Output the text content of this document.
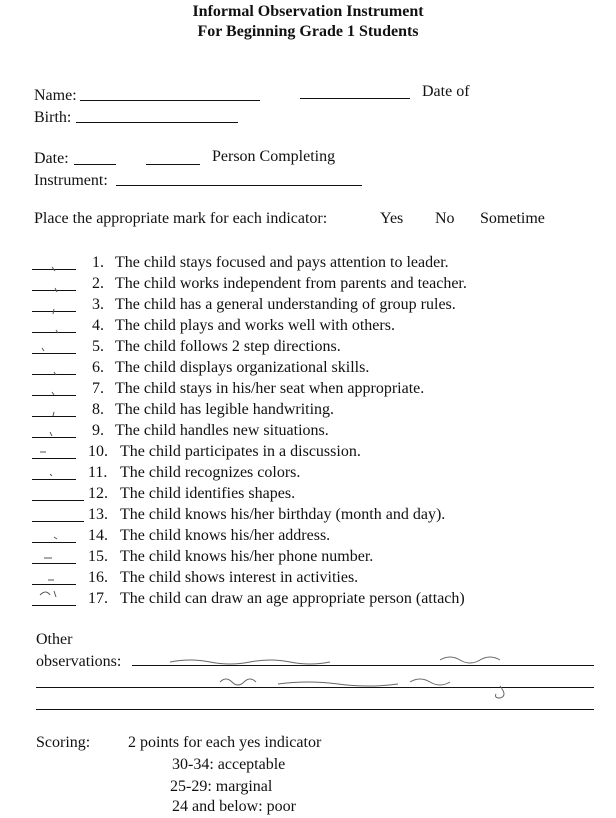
Informal Observation Instrument
For Beginning Grade 1 Students
Name:	Date of
Birth:
Date:	Person Completing
Instrument:
Place the appropriate mark for each indicator:	Yes No Sometime
1. The child stays focused and pays attention to leader.
2. The child works independent from parents and teacher.
3. The child has a general understanding of group rules.
4. The child plays and works well with others.
5. The child follows 2 step directions.
6. The child displays organizational skills.
7. The child stays in his/her seat when appropriate.
8. The child has legible handwriting.
9. The child handles new situations.
10. The child participates in a discussion.
11. The child recognizes colors.
12. The child identifies shapes.
13. The child knows his/her birthday (month and day).
14. The child knows his/her address.
15. The child knows his/her phone number.
16. The child shows interest in activities.
17. The child can draw an age appropriate person (attach)
Other
observations:
Scoring: 2 points for each yes indicator
30-34: acceptable
25-29: marginal
24 and below: poor
